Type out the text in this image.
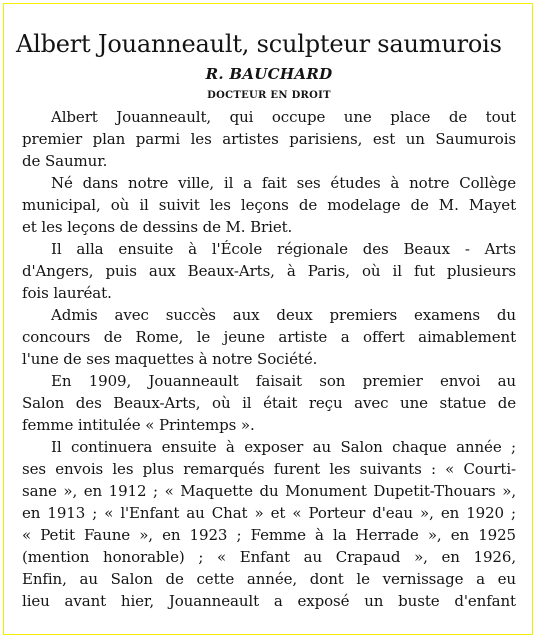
Albert Jouanneault, sculpteur saumurois
R. BAUCHARD
DOCTEUR EN DROIT
Albert Jouanneault, qui occupe une place de tout
premier plan parmi les artistes parisiens, est un Saumurois
de Saumur.
Né dans notre ville, il a fait ses études à notre Collège
municipal, où il suivit les leçons de modelage de M. Mayet
et les leçons de dessins de M. Briet.
Il alla ensuite à l'École régionale des Beaux - Arts
d'Angers, puis aux Beaux-Arts, à Paris, où il fut plusieurs
fois lauréat.
Admis avec succès aux deux premiers examens du
concours de Rome, le jeune artiste a offert aimablement
l'une de ses maquettes à notre Société.
En 1909, Jouanneault faisait son premier envoi au
Salon des Beaux-Arts, où il était reçu avec une statue de
femme intitulée « Printemps ».
Il continuera ensuite à exposer au Salon chaque année ;
ses envois les plus remarqués furent les suivants : « Courti-
sane », en 1912 ; « Maquette du Monument Dupetit-Thouars »,
en 1913 ; « l'Enfant au Chat » et « Porteur d'eau », en 1920 ;
« Petit Faune », en 1923 ; Femme à la Herrade », en 1925
(mention honorable) ; « Enfant au Crapaud », en 1926,
Enfin, au Salon de cette année, dont le vernissage a eu
lieu avant hier, Jouanneault a exposé un buste d'enfant
